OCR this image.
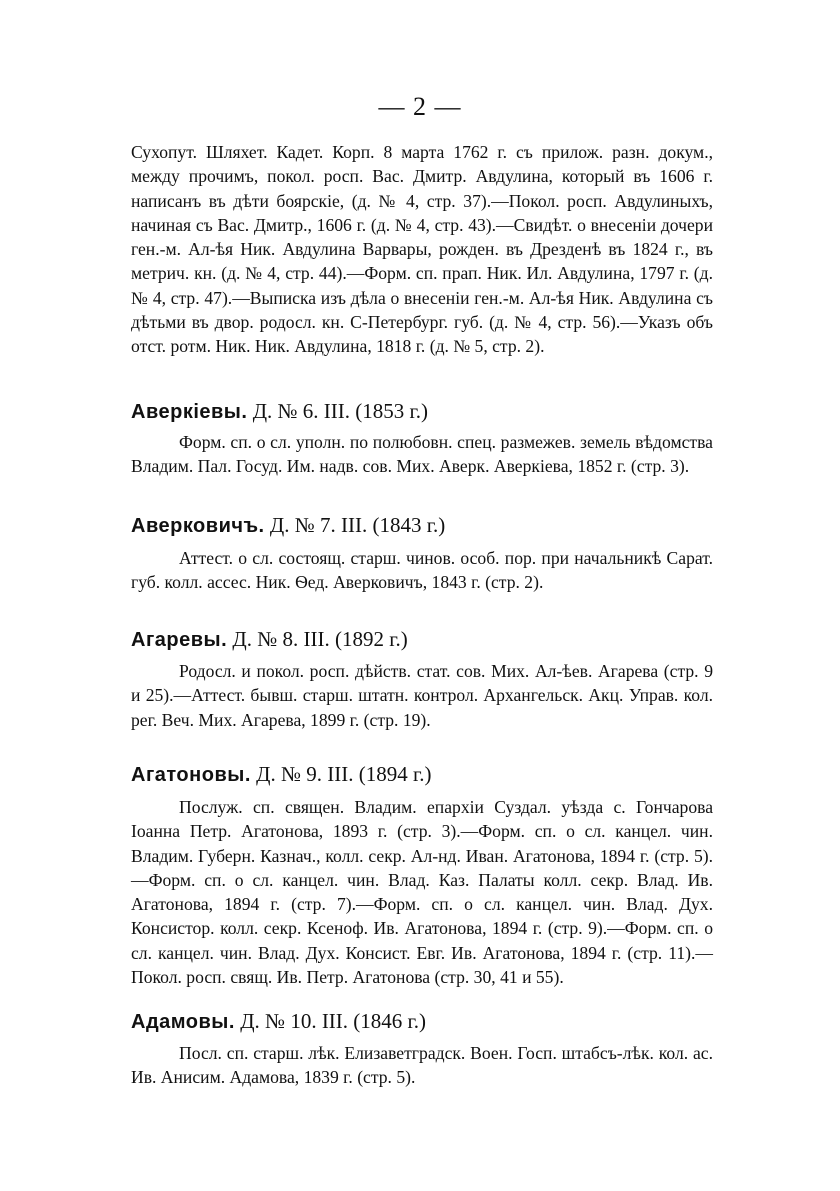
— 2 —

Сухопут. Шляхет. Кадет. Корп. 8 марта 1762 г. съ прилож. разн. докум., между прочимъ, покол. росп. Вас. Дмитр. Авдулина, который въ 1606 г. написанъ въ дѣти боярскіе, (д. № 4, стр. 37).—Покол. росп. Авдулиныхъ, начиная съ Вас. Дмитр., 1606 г. (д. № 4, стр. 43).—Свидѣт. о внесеніи дочери ген.-м. Ал-ѣя Ник. Авдулина Варвары, рожден. въ Дрезденѣ въ 1824 г., въ метрич. кн. (д. № 4, стр. 44).—Форм. сп. прап. Ник. Ил. Авдулина, 1797 г. (д. № 4, стр. 47).—Выписка изъ дѣла о внесеніи ген.-м. Ал-ѣя Ник. Авдулина съ дѣтьми въ двор. родосл. кн. С-Петербург. губ. (д. № 4, стр. 56).—Указъ объ отст. ротм. Ник. Ник. Авдулина, 1818 г. (д. № 5, стр. 2).

Аверкіевы. Д. № 6. III. (1853 г.)

Форм. сп. о сл. уполн. по полюбовн. спец. размежев. земель вѣдомства Владим. Пал. Госуд. Им. надв. сов. Мих. Аверк. Аверкіева, 1852 г. (стр. 3).

Аверковичъ. Д. № 7. III. (1843 г.)

Аттест. о сл. состоящ. старш. чинов. особ. пор. при начальникѣ Сарат. губ. колл. ассес. Ник. Ѳед. Аверковичъ, 1843 г. (стр. 2).

Агаревы. Д. № 8. III. (1892 г.)

Родосл. и покол. росп. дѣйств. стат. сов. Мих. Ал-ѣев. Агарева (стр. 9 и 25).—Аттест. бывш. старш. штатн. контрол. Архангельск. Акц. Управ. кол. рег. Веч. Мих. Агарева, 1899 г. (стр. 19).

Агатоновы. Д. № 9. III. (1894 г.)

Послуж. сп. священ. Владим. епархіи Суздал. уѣзда с. Гончарова Іоанна Петр. Агатонова, 1893 г. (стр. 3).—Форм. сп. о сл. канцел. чин. Владим. Губерн. Казнач., колл. секр. Ал-нд. Иван. Агатонова, 1894 г. (стр. 5).—Форм. сп. о сл. канцел. чин. Влад. Каз. Палаты колл. секр. Влад. Ив. Агатонова, 1894 г. (стр. 7).—Форм. сп. о сл. канцел. чин. Влад. Дух. Консистор. колл. секр. Ксеноф. Ив. Агатонова, 1894 г. (стр. 9).—Форм. сп. о сл. канцел. чин. Влад. Дух. Консист. Евг. Ив. Агатонова, 1894 г. (стр. 11).—Покол. росп. свящ. Ив. Петр. Агатонова (стр. 30, 41 и 55).

Адамовы. Д. № 10. III. (1846 г.)

Посл. сп. старш. лѣк. Елизаветградск. Воен. Госп. штабсъ-лѣк. кол. ас. Ив. Анисим. Адамова, 1839 г. (стр. 5).
